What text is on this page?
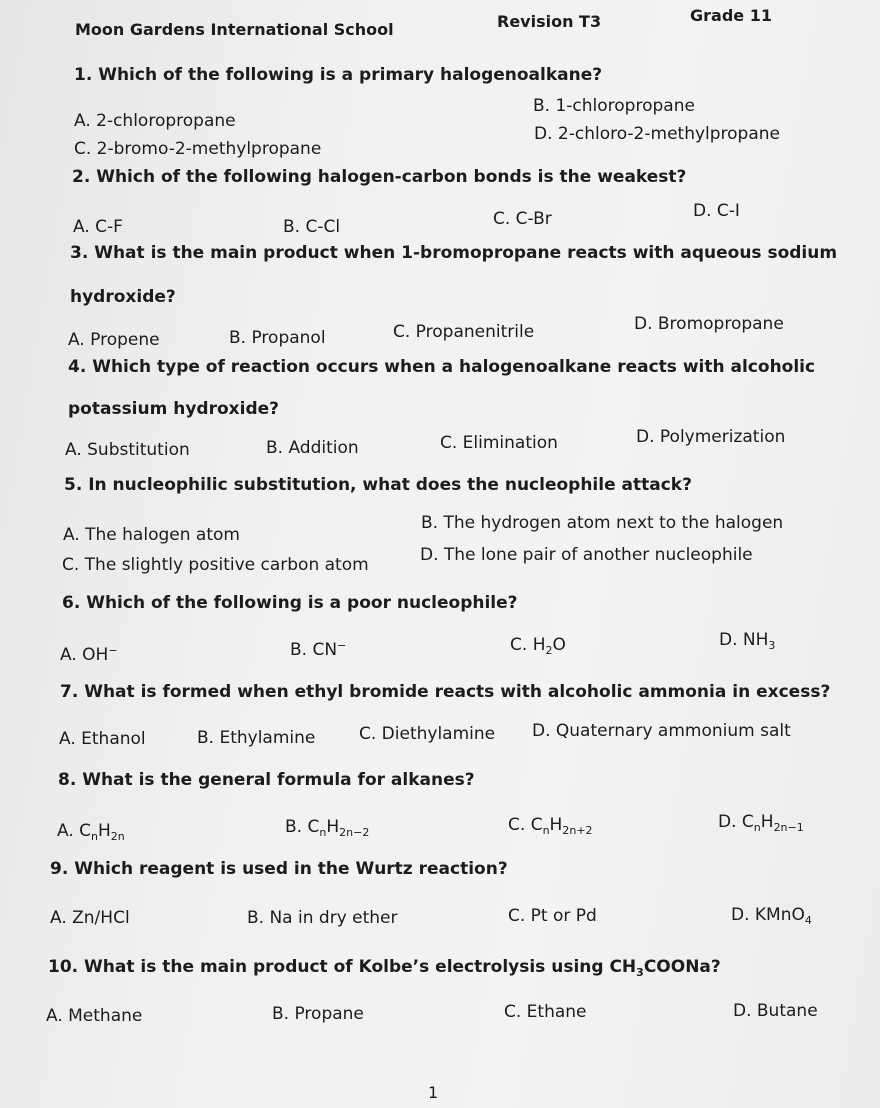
Moon Gardens International School	Revision T3	Grade 11
1. Which of the following is a primary halogenoalkane?
A. 2-chloropropane
B. 1-chloropropane
C. 2-bromo-2-methylpropane
D. 2-chloro-2-methylpropane
2. Which of the following halogen-carbon bonds is the weakest?
A. C-F	B. C-Cl	C. C-Br	D. C-I
3. What is the main product when 1-bromopropane reacts with aqueous sodium
hydroxide?
A. Propene	B. Propanol	C. Propanenitrile	D. Bromopropane
4. Which type of reaction occurs when a halogenoalkane reacts with alcoholic
potassium hydroxide?
A. Substitution	B. Addition	C. Elimination	D. Polymerization
5. In nucleophilic substitution, what does the nucleophile attack?
A. The halogen atom
B. The hydrogen atom next to the halogen
C. The slightly positive carbon atom	D. The lone pair of another nucleophile
6. Which of the following is a poor nucleophile?
A. OH−	B. CN−	C. $H_2O$	D. $NH_3$
7. What is formed when ethyl bromide reacts with alcoholic ammonia in excess?
A. Ethanol	B. Ethylamine	C. Diethylamine D. Quaternary ammonium salt
8. What is the general formula for alkanes?
A. $C_nH_{2n}$	B. $C_nH_{2n-2}$	C. $C_nH_{2n+2}$	D. $C_nH_{2n-1}$
9. Which reagent is used in the Wurtz reaction?
A. Zn/HCl	B. Na in dry ether	C. Pt or Pd	D. KMnO$_4$
10. What is the main product of Kolbe’s electrolysis using $CH_3COONa$?
A. Methane	B. Propane	C. Ethane	D. Butane
1
